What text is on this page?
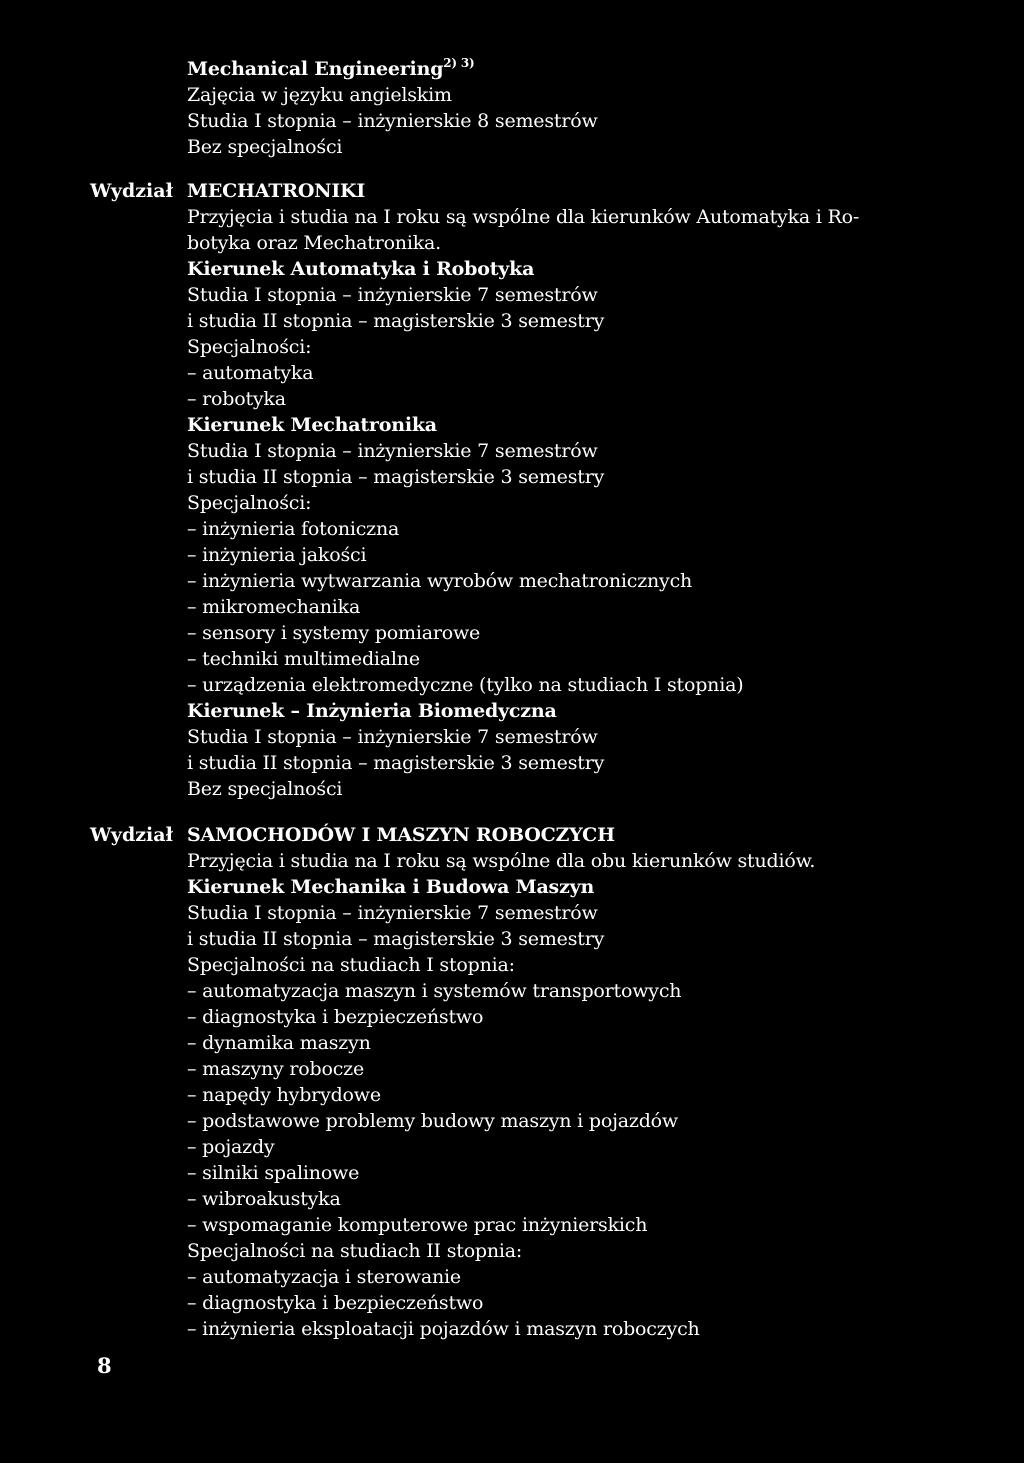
Mechanical Engineering$^{2) 3)}$
Zajęcia w języku angielskim
Studia I stopnia – inżynierskie 8 semestrów
Bez specjalności
Wydział MECHATRONIKI
Przyjęcia i studia na I roku są wspólne dla kierunków Automatyka i Ro-
botyka oraz Mechatronika.
Kierunek Automatyka i Robotyka
Studia I stopnia – inżynierskie 7 semestrów
i studia II stopnia – magisterskie 3 semestry
Specjalności:
– automatyka
– robotyka
Kierunek Mechatronika
Studia I stopnia – inżynierskie 7 semestrów
i studia II stopnia – magisterskie 3 semestry
Specjalności:
– inżynieria fotoniczna
– inżynieria jakości
– inżynieria wytwarzania wyrobów mechatronicznych
– mikromechanika
– sensory i systemy pomiarowe
– techniki multimedialne
– urządzenia elektromedyczne (tylko na studiach I stopnia)
Kierunek – Inżynieria Biomedyczna
Studia I stopnia – inżynierskie 7 semestrów
i studia II stopnia – magisterskie 3 semestry
Bez specjalności
Wydział SAMOCHODÓW I MASZYN ROBOCZYCH
Przyjęcia i studia na I roku są wspólne dla obu kierunków studiów.
Kierunek Mechanika i Budowa Maszyn
Studia I stopnia – inżynierskie 7 semestrów
i studia II stopnia – magisterskie 3 semestry
Specjalności na studiach I stopnia:
– automatyzacja maszyn i systemów transportowych
– diagnostyka i bezpieczeństwo
– dynamika maszyn
– maszyny robocze
– napędy hybrydowe
– podstawowe problemy budowy maszyn i pojazdów
– pojazdy
– silniki spalinowe
– wibroakustyka
– wspomaganie komputerowe prac inżynierskich
Specjalności na studiach II stopnia:
– automatyzacja i sterowanie
– diagnostyka i bezpieczeństwo
– inżynieria eksploatacji pojazdów i maszyn roboczych
8
